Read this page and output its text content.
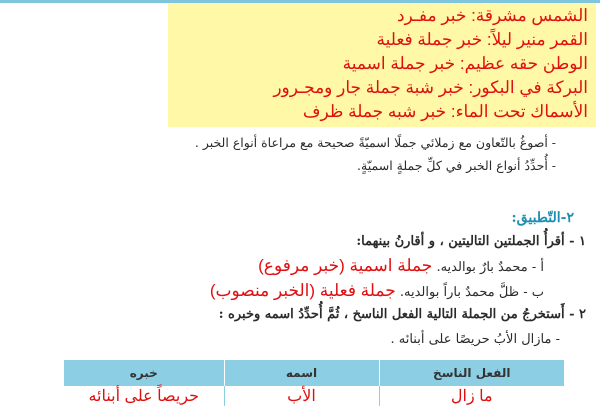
الشمس مشرقة: خبر مفـرد
القمر منير ليلاً: خبر جملة فعلية
الوطن حقه عظيم: خبر جملة اسمية
البركة في البكور: خبر شبة جملة جار ومجـرور
الأسماك تحت الماء: خبر شبه جملة ظرف
- أصوغُ بالتّعاون مع زملائي جملًا اسميّةً صحيحة مع مراعاة أنواع الخبر .
- أُحدِّدُ أنواع الخبر في كلِّ جملةٍ اسميّةٍ.
٢-التّطبيق:
١ - أقرأُ الجملتين التاليتين ، و أقارنُ بينهما:
أ - محمدٌ بارٌ بوالديه. جملة اسمية (خبر مرفوع)
ب - ظلَّ محمدٌ باراً بوالديه. جملة فعلية (الخبر منصوب)
٢ - أَستخرجُ من الجملة التالية الفعل الناسخ ، ثُمَّ أُحدِّدُ اسمه وخبره :
- مازال الأبُ حريصًا على أبنائه .
الفعل الناسخ	اسمه	خبره
ما زال	الأب	حريصاً على أبنائه
